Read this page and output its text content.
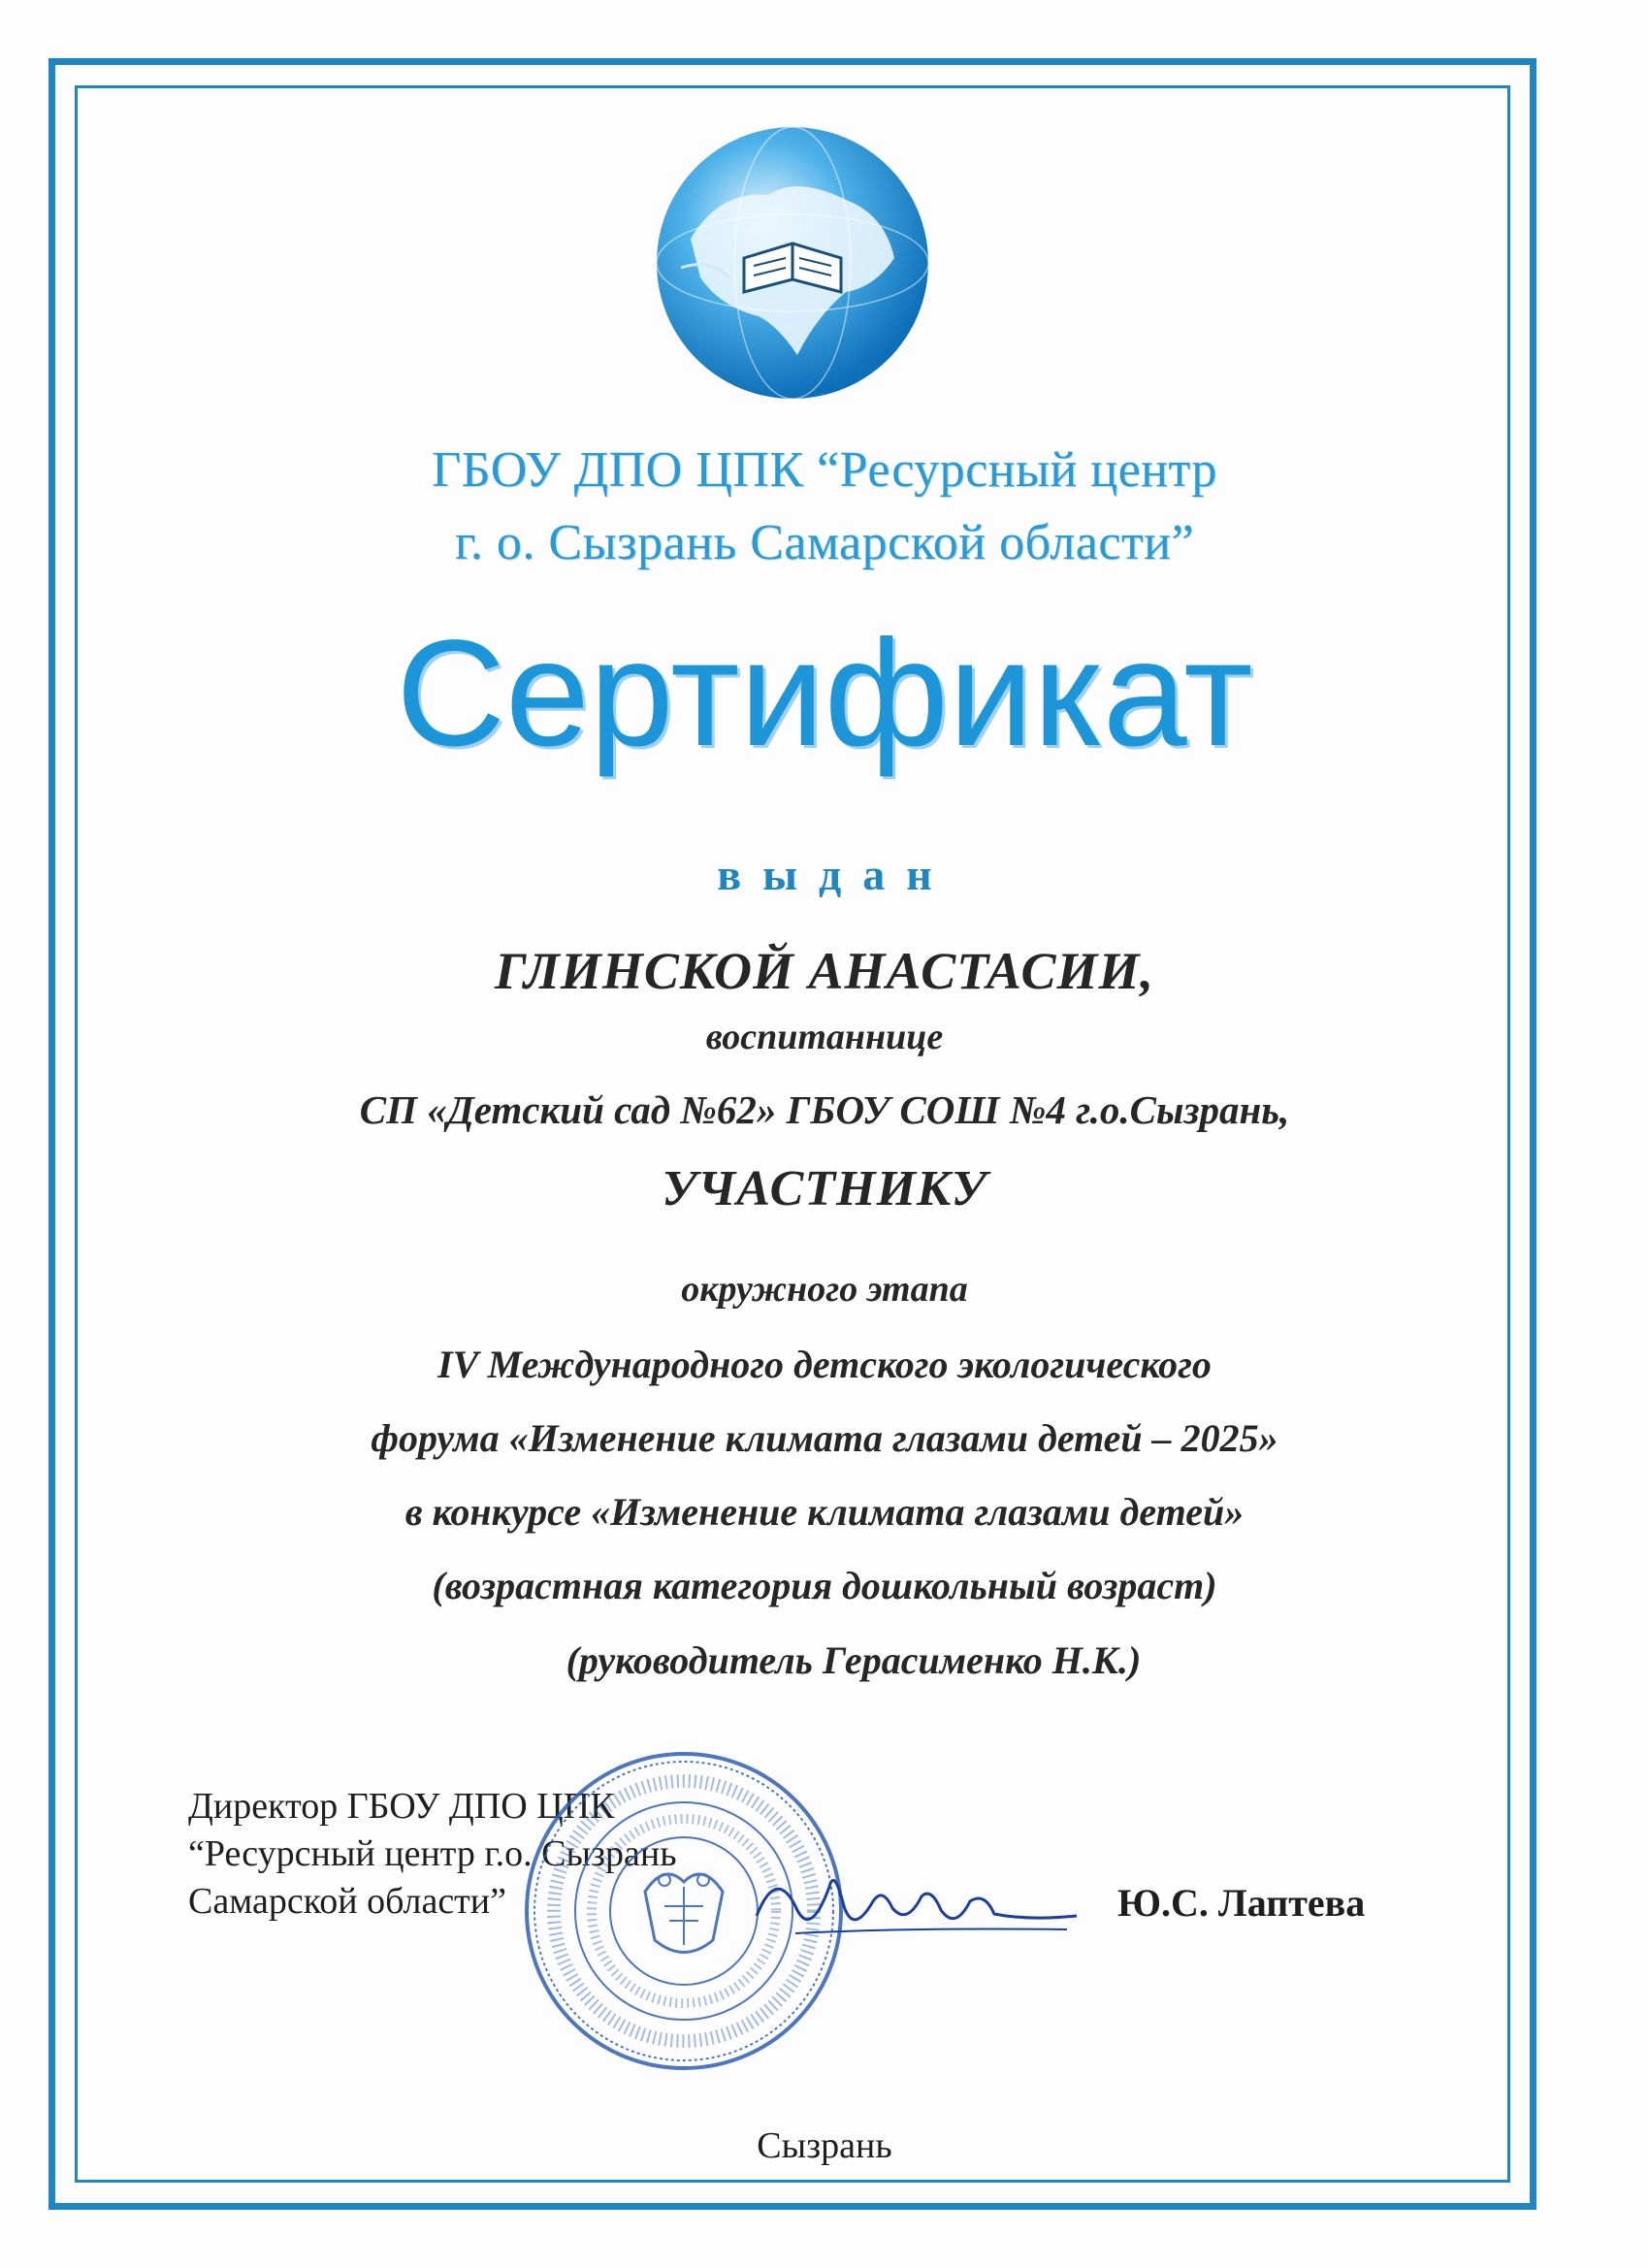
ГБОУ ДПО ЦПК “Ресурсный центр
г. о. Сызрань Самарской области”
Сертификат
выдан
ГЛИНСКОЙ АНАСТАСИИ,
воспитаннице
СП «Детский сад №62» ГБОУ СОШ №4 г.о.Сызрань,
УЧАСТНИКУ
окружного этапа
IV Международного детского экологического
форума «Изменение климата глазами детей – 2025»
в конкурсе «Изменение климата глазами детей»
(возрастная категория дошкольный возраст)
(руководитель Герасименко Н.К.)
Директор ГБОУ ДПО ЦПК
“Ресурсный центр г.о. Сызрань
Самарской области”	Ю.С. Лаптева
Сызрань
